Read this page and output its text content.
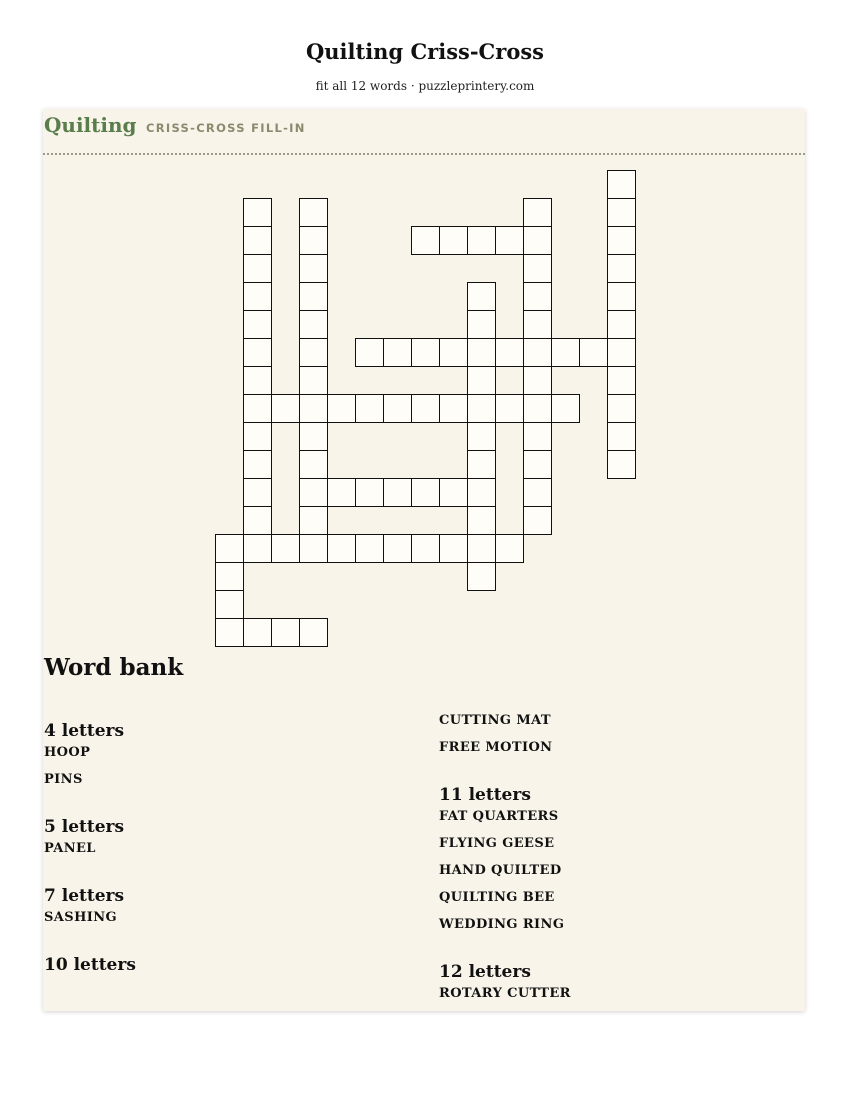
Quilting Criss-Cross
fit all 12 words · puzzleprintery.com
Quilting CRISS-CROSS FILL-IN
Word bank
4 letters
HOOP
PINS
5 letters
PANEL
7 letters
SASHING
10 letters
CUTTING MAT
FREE MOTION
11 letters
FAT QUARTERS
FLYING GEESE
HAND QUILTED
QUILTING BEE
WEDDING RING
12 letters
ROTARY CUTTER
